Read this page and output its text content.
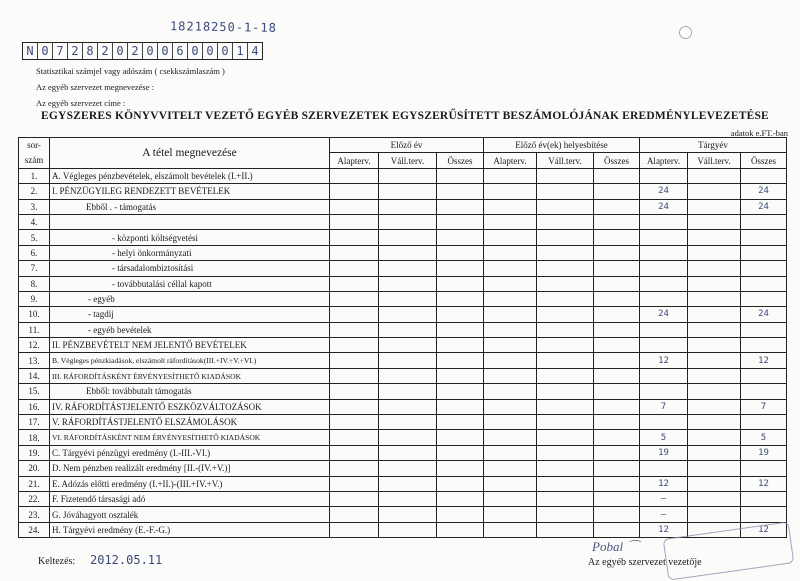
18218250-1-18
N 0 7 2 8 2 0 2 0 0 6 0 0 0 1 4
Statisztikai számjel vagy adószám ( csekkszámlaszám )
Az egyéb szervezet megnevezése :
Az egyéb szervezet címe :
EGYSZERES KÖNYVVITELT VEZETŐ EGYÉB SZERVEZETEK EGYSZERŰSÍTETT BESZÁMOLÓJÁNAK EREDMÉNYLEVEZETÉSE
adatok e.FT.-ban
sor-	A tétel megnevezése	Előző év			Előző év(ek) helyesbítése			Tárgyév		
szám		Alapterv.	Váll.terv.	Összes	Alapterv.	Váll.terv.	Összes	Alapterv.	Váll.terv.	Összes
1.	A. Végleges pénzbevételek, elszámolt bevételek (I.+II.)									
2.	I. PÉNZÜGYILEG RENDEZETT BEVÉTELEK							24		24
3.	Ebből . - támogatás							24		24
4.										
5.	- központi költségvetési									
6.	- helyi önkormányzati									
7.	- társadalombiztosítási									
8.	- továbbutalási céllal kapott									
9.	- egyéb									
10.	- tagdíj							24		24
11.	- egyéb bevételek									
12.	II. PÉNZBEVÉTELT NEM JELENTŐ BEVÉTELEK									
13.	B. Végleges pénzkiadások, elszámolt ráfordítások(III.+IV.+V.+VI.)							12		12
14.	III. RÁFORDÍTÁSKÉNT ÉRVÉNYESÍTHETŐ KIADÁSOK									
15.	Ebből: továbbutalt támogatás									
16.	IV. RÁFORDÍTÁSTJELENTŐ ESZKÖZVÁLTOZÁSOK							7		7
17.	V. RÁFORDÍTÁSTJELENTŐ ELSZÁMOLÁSOK									
18.	VI. RÁFORDÍTÁSKÉNT NEM ÉRVÉNYESÍTHETŐ KIADÁSOK							5		5
19.	C. Tárgyévi pénzügyi eredmény (I.-III.-VI.)							19		19
20.	D. Nem pénzben realizált eredmény [II.-(IV.+V.)]									
21.	E. Adózás előtti eredmény (I.+II.)-(III.+IV.+V.)							12		12
22.	F. Fizetendő társasági adó							—		
23.	G. Jóváhagyott osztalék							—		
24.	H. Tárgyévi eredmény (E.-F.-G.)							12		12
Keltezés: 2012.05.11
Pobal ⌒
Az egyéb szervezet vezetője
